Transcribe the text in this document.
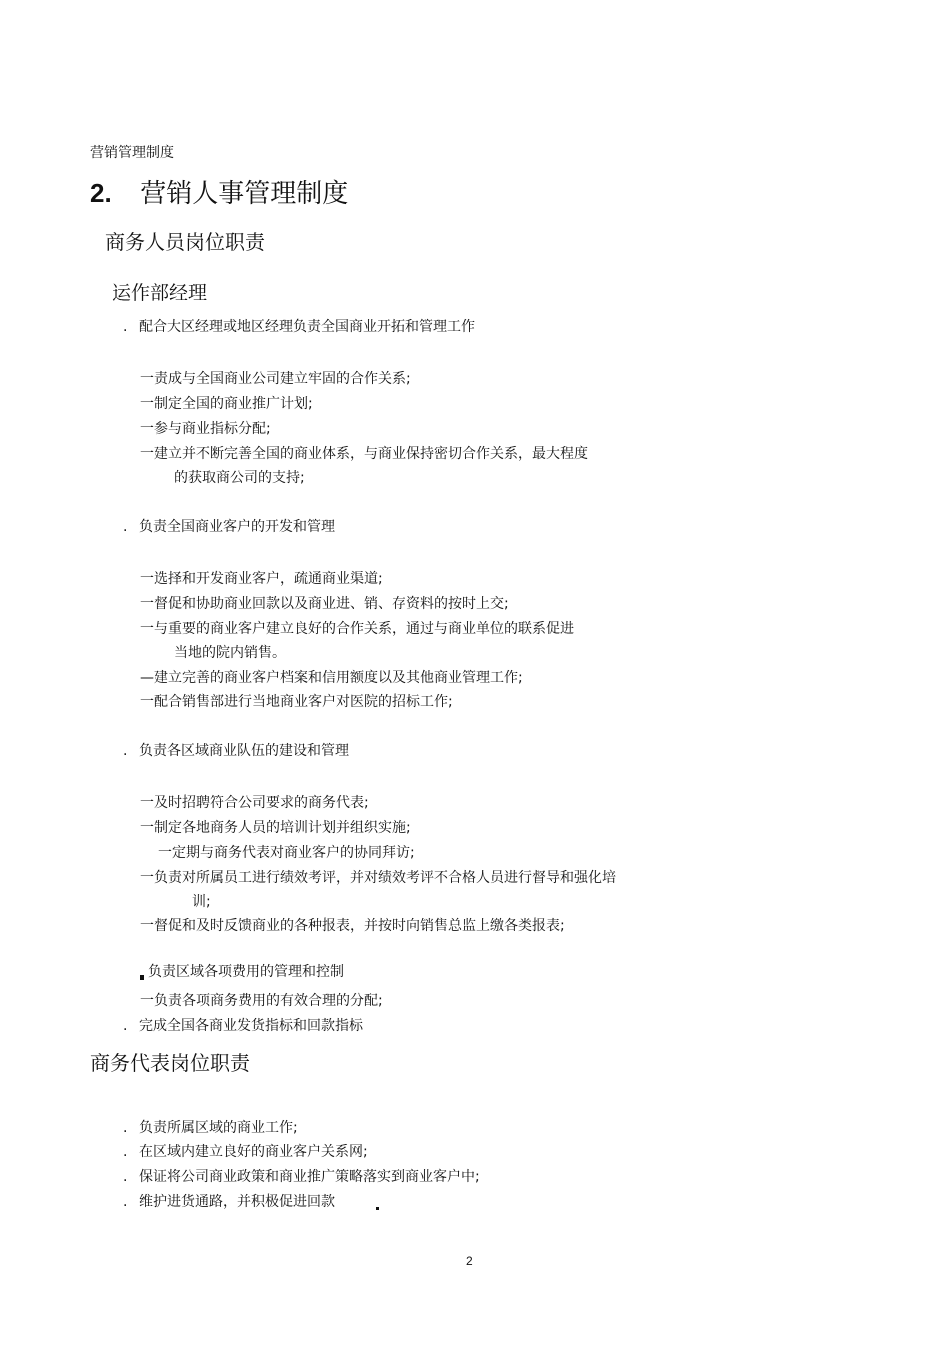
营销管理制度
2. 营销人事管理制度
商务人员岗位职责
运作部经理
. 配合大区经理或地区经理负责全国商业开拓和管理工作
一责成与全国商业公司建立牢固的合作关系;
一制定全国的商业推广计划;
一参与商业指标分配;
一建立并不断完善全国的商业体系，与商业保持密切合作关系，最大程度
的获取商公司的支持;
. 负责全国商业客户的开发和管理
一选择和开发商业客户，疏通商业渠道;
一督促和协助商业回款以及商业进、销、存资料的按时上交;
一与重要的商业客户建立良好的合作关系，通过与商业单位的联系促进
当地的院内销售。
—建立完善的商业客户档案和信用额度以及其他商业管理工作;
一配合销售部进行当地商业客户对医院的招标工作;
. 负责各区域商业队伍的建设和管理
一及时招聘符合公司要求的商务代表;
一制定各地商务人员的培训计划并组织实施;
一定期与商务代表对商业客户的协同拜访;
一负责对所属员工进行绩效考评，并对绩效考评不合格人员进行督导和强化培
训;
一督促和及时反馈商业的各种报表，并按时向销售总监上缴各类报表;
负责区域各项费用的管理和控制
一负责各项商务费用的有效合理的分配;
. 完成全国各商业发货指标和回款指标
商务代表岗位职责
. 负责所属区域的商业工作;
. 在区域内建立良好的商业客户关系网;
. 保证将公司商业政策和商业推广策略落实到商业客户中;
. 维护进货通路，并积极促进回款
2
